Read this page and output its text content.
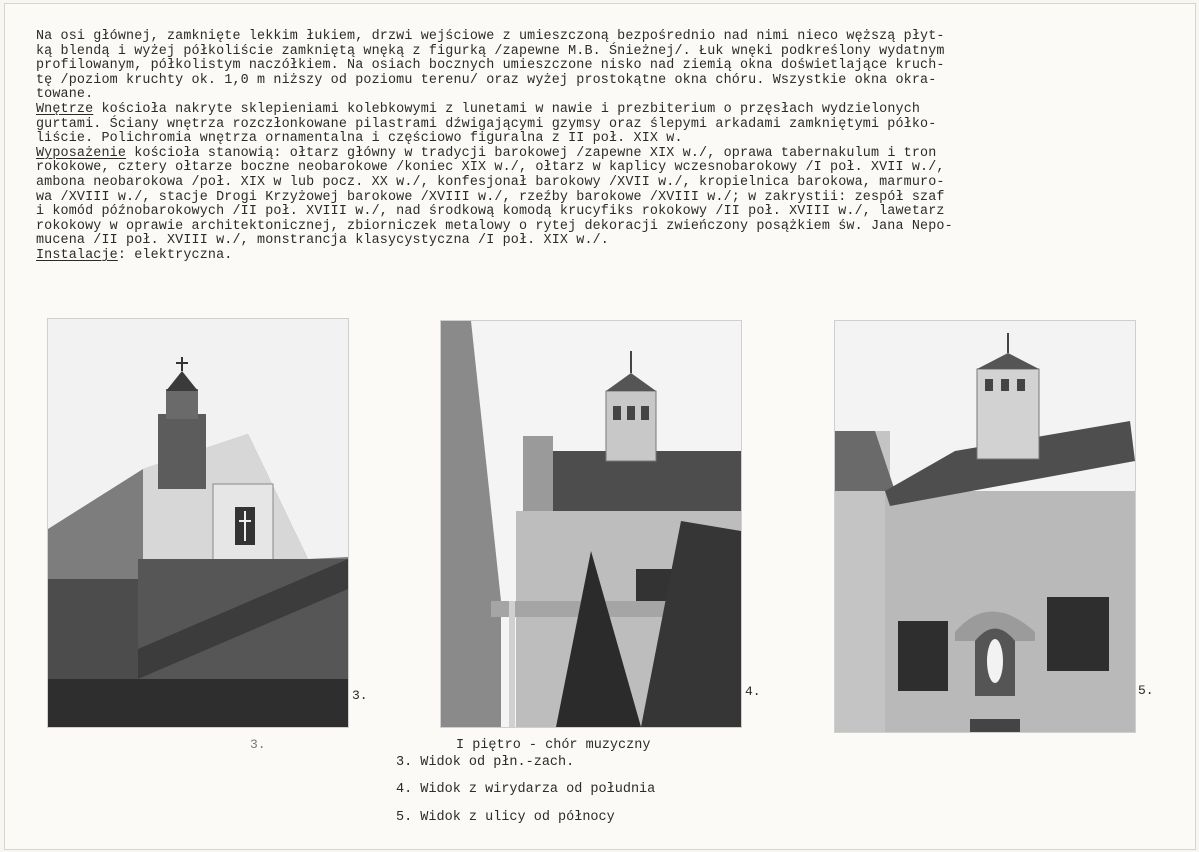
Na osi głównej, zamknięte lekkim łukiem, drzwi wejściowe z umieszczoną bezpośrednio nad nimi nieco węższą płyt-
ką blendą i wyżej półkoliście zamkniętą wnęką z figurką /zapewne M.B. Śnieżnej/. Łuk wnęki podkreślony wydatnym
profilowanym, półkolistym naczółkiem. Na osiach bocznych umieszczone nisko nad ziemią okna doświetlające kruch-
tę /poziom kruchty ok. 1,0 m niższy od poziomu terenu/ oraz wyżej prostokątne okna chóru. Wszystkie okna okra-
towane.
Wnętrze kościoła nakryte sklepieniami kolebkowymi z lunetami w nawie i prezbiterium o przęsłach wydzielonych
gurtami. Ściany wnętrza rozczłonkowane pilastrami dźwigającymi gzymsy oraz ślepymi arkadami zamkniętymi półko-
liście. Polichromia wnętrza ornamentalna i częściowo figuralna z II poł. XIX w.
Wyposażenie kościoła stanowią: ołtarz główny w tradycji barokowej /zapewne XIX w./, oprawa tabernakulum i tron
rokokowe, cztery ołtarze boczne neobarokowe /koniec XIX w./, ołtarz w kaplicy wczesnobarokowy /I poł. XVII w./,
ambona neobarokowa /poł. XIX w lub pocz. XX w./, konfesjonał barokowy /XVII w./, kropielnica barokowa, marmuro-
wa /XVIII w./, stacje Drogi Krzyżowej barokowe /XVIII w./, rzeźby barokowe /XVIII w./; w zakrystii: zespół szaf
i komód późnobarokowych /II poł. XVIII w./, nad środkową komodą krucyfiks rokokowy /II poł. XVIII w./, lawetarz
rokokowy w oprawie architektonicznej, zbiorniczek metalowy o rytej dekoracji zwieńczony posążkiem św. Jana Nepo-
mucena /II poł. XVIII w./, monstrancja klasycystyczna /I poł. XIX w./.
Instalacje: elektryczna.
3.
3.
4.	5.
I piętro - chór muzyczny
3. Widok od płn.-zach.
4. Widok z wirydarza od południa
5. Widok z ulicy od północy
